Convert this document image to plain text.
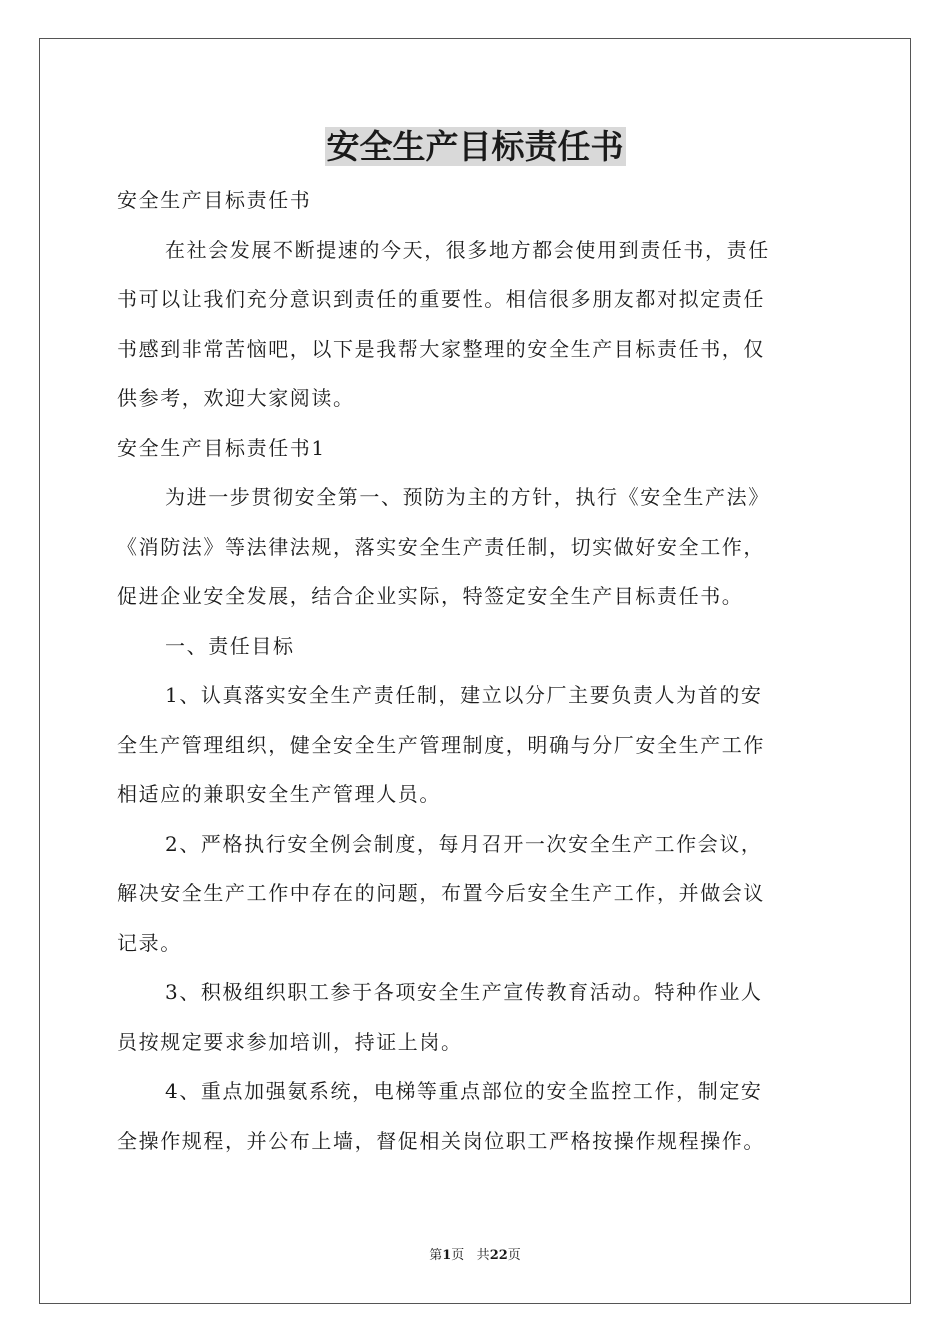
安全生产目标责任书
安全生产目标责任书
在社会发展不断提速的今天，很多地方都会使用到责任书，责任
书可以让我们充分意识到责任的重要性。相信很多朋友都对拟定责任
书感到非常苦恼吧，以下是我帮大家整理的安全生产目标责任书，仅
供参考，欢迎大家阅读。
安全生产目标责任书1
为进一步贯彻安全第一、预防为主的方针，执行《安全生产法》
《消防法》等法律法规，落实安全生产责任制，切实做好安全工作，
促进企业安全发展，结合企业实际，特签定安全生产目标责任书。
一、责任目标
1、认真落实安全生产责任制，建立以分厂主要负责人为首的安
全生产管理组织，健全安全生产管理制度，明确与分厂安全生产工作
相适应的兼职安全生产管理人员。
2、严格执行安全例会制度，每月召开一次安全生产工作会议，
解决安全生产工作中存在的问题，布置今后安全生产工作，并做会议
记录。
3、积极组织职工参于各项安全生产宣传教育活动。特种作业人
员按规定要求参加培训，持证上岗。
4、重点加强氨系统，电梯等重点部位的安全监控工作，制定安
全操作规程，并公布上墙，督促相关岗位职工严格按操作规程操作。
第1页 共22页
